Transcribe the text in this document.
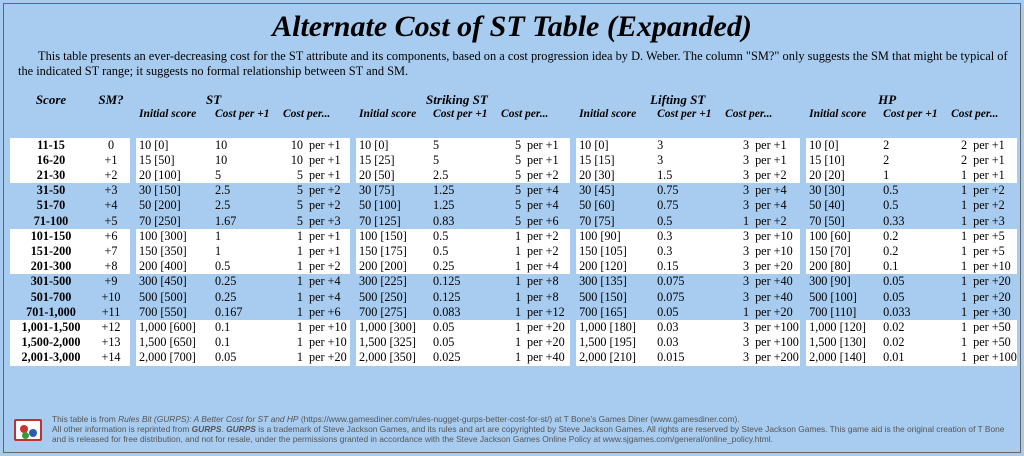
Alternate Cost of ST Table (Expanded)
This table presents an ever-decreasing cost for the ST attribute and its components, based on a cost progression idea by D. Weber. The column "SM?" only suggests the SM that might be typical of the indicated ST range; it suggests no formal relationship between ST and SM.
Score	SM?		ST					Striking ST					Lifting ST					HP			
			Initial score	Cost per +1	Cost per...			Initial score	Cost per +1	Cost per...			Initial score	Cost per +1	Cost per...			Initial score	Cost per +1	Cost per...	

11-15	0		10 [0]	10	10	per +1		10 [0]	5	5	per +1		10 [0]	3	3	per +1		10 [0]	2	2	per +1
16-20	+1		15 [50]	10	10	per +1		15 [25]	5	5	per +1		15 [15]	3	3	per +1		15 [10]	2	2	per +1
21-30	+2		20 [100]	5	5	per +1		20 [50]	2.5	5	per +2		20 [30]	1.5	3	per +2		20 [20]	1	1	per +1
31-50	+3		30 [150]	2.5	5	per +2		30 [75]	1.25	5	per +4		30 [45]	0.75	3	per +4		30 [30]	0.5	1	per +2
51-70	+4		50 [200]	2.5	5	per +2		50 [100]	1.25	5	per +4		50 [60]	0.75	3	per +4		50 [40]	0.5	1	per +2
71-100	+5		70 [250]	1.67	5	per +3		70 [125]	0.83	5	per +6		70 [75]	0.5	1	per +2		70 [50]	0.33	1	per +3
101-150	+6		100 [300]	1	1	per +1		100 [150]	0.5	1	per +2		100 [90]	0.3	3	per +10		100 [60]	0.2	1	per +5
151-200	+7		150 [350]	1	1	per +1		150 [175]	0.5	1	per +2		150 [105]	0.3	3	per +10		150 [70]	0.2	1	per +5
201-300	+8		200 [400]	0.5	1	per +2		200 [200]	0.25	1	per +4		200 [120]	0.15	3	per +20		200 [80]	0.1	1	per +10
301-500	+9		300 [450]	0.25	1	per +4		300 [225]	0.125	1	per +8		300 [135]	0.075	3	per +40		300 [90]	0.05	1	per +20
501-700	+10		500 [500]	0.25	1	per +4		500 [250]	0.125	1	per +8		500 [150]	0.075	3	per +40		500 [100]	0.05	1	per +20
701-1,000	+11		700 [550]	0.167	1	per +6		700 [275]	0.083	1	per +12		700 [165]	0.05	1	per +20		700 [110]	0.033	1	per +30
1,001-1,500	+12		1,000 [600]	0.1	1	per +10		1,000 [300]	0.05	1	per +20		1,000 [180]	0.03	3	per +100		1,000 [120]	0.02	1	per +50
1,500-2,000	+13		1,500 [650]	0.1	1	per +10		1,500 [325]	0.05	1	per +20		1,500 [195]	0.03	3	per +100		1,500 [130]	0.02	1	per +50
2,001-3,000	+14		2,000 [700]	0.05	1	per +20		2,000 [350]	0.025	1	per +40		2,000 [210]	0.015	3	per +200		2,000 [140]	0.01	1	per +100
This table is from Rules Bit (GURPS): A Better Cost for ST and HP (https://www.gamesdiner.com/rules-nugget-gurps-better-cost-for-st/) at T Bone's Games Diner (www.gamesdiner.com).
All other information is reprinted from GURPS. GURPS is a trademark of Steve Jackson Games, and its rules and art are copyrighted by Steve Jackson Games. All rights are reserved by Steve Jackson Games. This game aid is the original creation of T Bone
and is released for free distribution, and not for resale, under the permissions granted in accordance with the Steve Jackson Games Online Policy at www.sjgames.com/general/online_policy.html.
